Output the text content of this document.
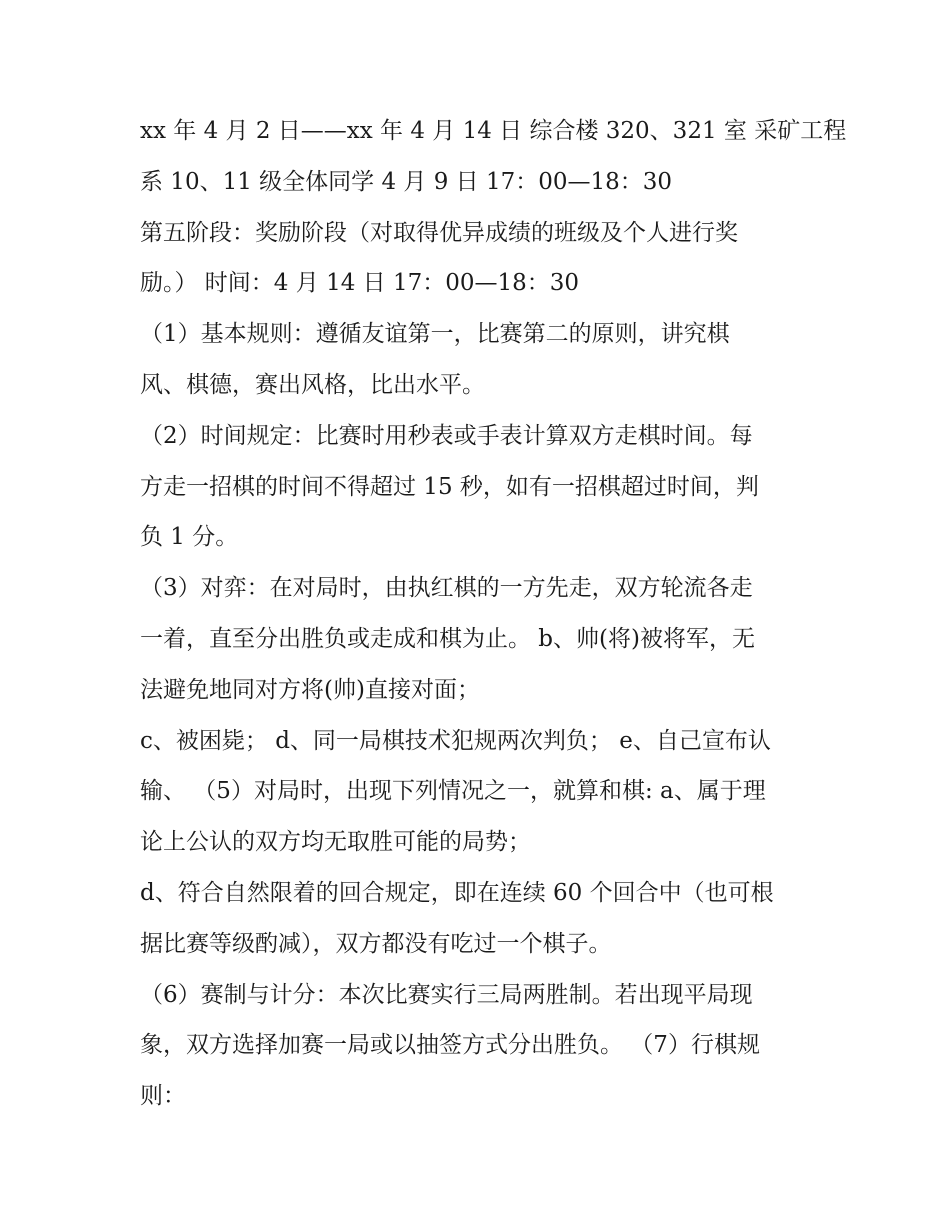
xx 年 4 月 2 日——xx 年 4 月 14 日 综合楼 320、321 室 采矿工程
系 10、11 级全体同学 4 月 9 日 17：00—18：30
第五阶段：奖励阶段（对取得优异成绩的班级及个人进行奖
励。） 时间：4 月 14 日 17：00—18：30
（1）基本规则：遵循友谊第一，比赛第二的原则，讲究棋
风、棋德，赛出风格，比出水平。
（2）时间规定：比赛时用秒表或手表计算双方走棋时间。每
方走一招棋的时间不得超过 15 秒，如有一招棋超过时间，判
负 1 分。
（3）对弈：在对局时，由执红棋的一方先走，双方轮流各走
一着，直至分出胜负或走成和棋为止。 b、帅(将)被将军，无
法避免地同对方将(帅)直接对面；
c、被困毙； d、同一局棋技术犯规两次判负； e、自己宣布认
输、 （5）对局时，出现下列情况之一，就算和棋: a、属于理
论上公认的双方均无取胜可能的局势；
d、符合自然限着的回合规定，即在连续 60 个回合中（也可根
据比赛等级酌减），双方都没有吃过一个棋子。
（6）赛制与计分：本次比赛实行三局两胜制。若出现平局现
象，双方选择加赛一局或以抽签方式分出胜负。 （7）行棋规
则：
